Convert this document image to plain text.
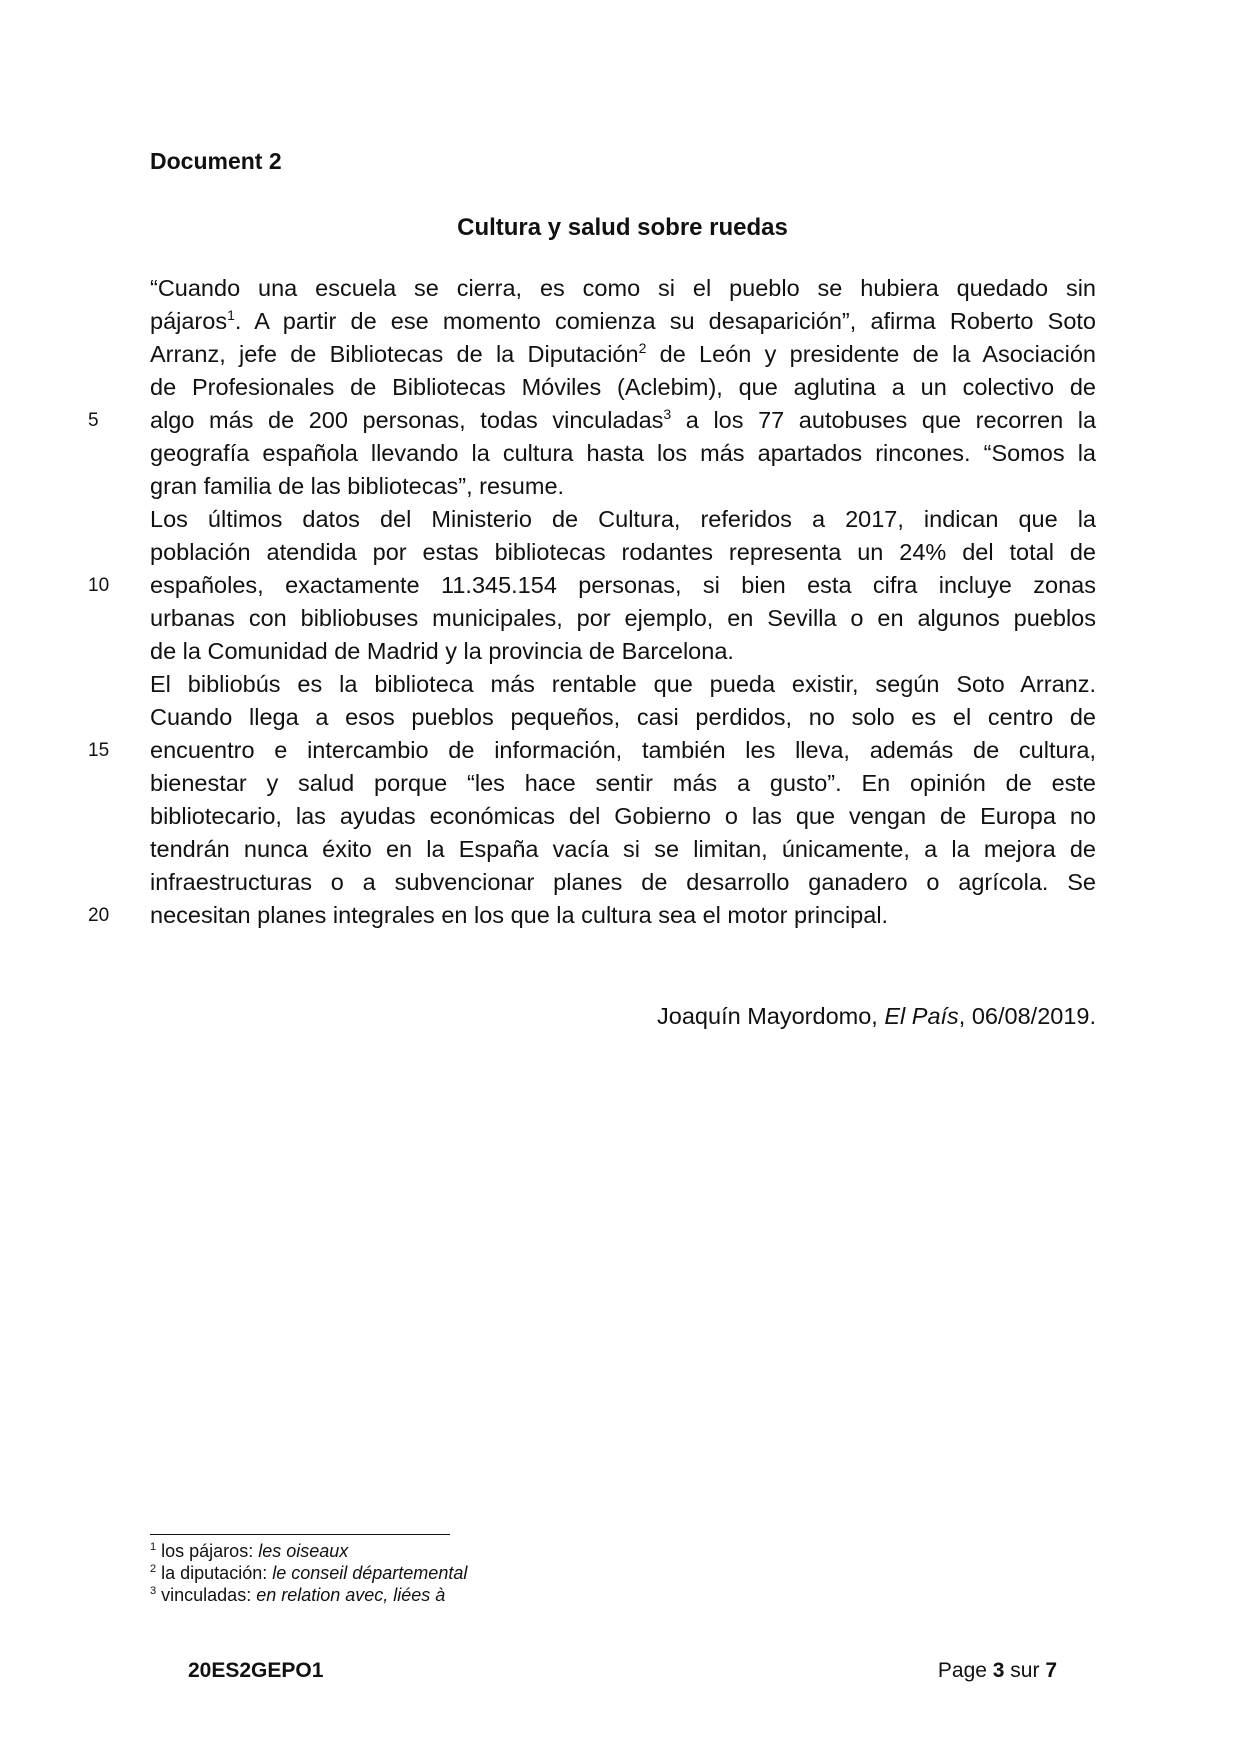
Document 2

Cultura y salud sobre ruedas

“Cuando una escuela se cierra, es como si el pueblo se hubiera quedado sin
pájaros$^1$. A partir de ese momento comienza su desaparición”, afirma Roberto Soto
Arranz, jefe de Bibliotecas de la Diputación$^2$ de León y presidente de la Asociación
de Profesionales de Bibliotecas Móviles (Aclebim), que aglutina a un colectivo de
5	algo más de 200 personas, todas vinculadas$^3$ a los 77 autobuses que recorren la
geografía española llevando la cultura hasta los más apartados rincones. “Somos la
gran familia de las bibliotecas”, resume.
Los últimos datos del Ministerio de Cultura, referidos a 2017, indican que la
población atendida por estas bibliotecas rodantes representa un 24% del total de
10	españoles, exactamente 11.345.154 personas, si bien esta cifra incluye zonas
urbanas con bibliobuses municipales, por ejemplo, en Sevilla o en algunos pueblos
de la Comunidad de Madrid y la provincia de Barcelona.
El bibliobús es la biblioteca más rentable que pueda existir, según Soto Arranz.
Cuando llega a esos pueblos pequeños, casi perdidos, no solo es el centro de
15	encuentro e intercambio de información, también les lleva, además de cultura,
bienestar y salud porque “les hace sentir más a gusto”. En opinión de este
bibliotecario, las ayudas económicas del Gobierno o las que vengan de Europa no
tendrán nunca éxito en la España vacía si se limitan, únicamente, a la mejora de
infraestructuras o a subvencionar planes de desarrollo ganadero o agrícola. Se
20	necesitan planes integrales en los que la cultura sea el motor principal.
Joaquín Mayordomo, El País, 06/08/2019.
$^1$ los pájaros: les oiseaux
$^2$ la diputación: le conseil départemental
$^3$ vinculadas: en relation avec, liées à
20ES2GEPO1	Page 3 sur 7
